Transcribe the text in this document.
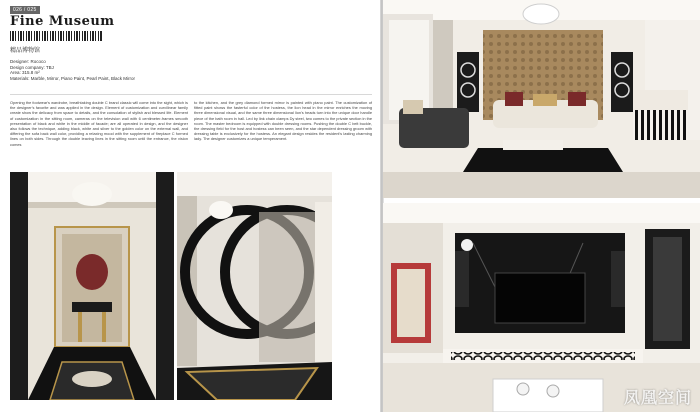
026 / 025
Fine Museum
精品博物馆
Designer: Rococo
Design company: TBJ
Area: 315.8 m²
Materials: Marble, Mirror, Piano Paint, Pearl Paint, Black Mirror
Opening the footwear's wardrobe, breathtaking double C brand classic will come into the sight, which is the designer's favorite and was applied in the design. Element of customization and curvilinear family create show the delicacy from space to details, and the consolation of stylish and blessed life. Element of customization in the sitting room, cameras on the television wall with 6 centimeter-frames smooth presentation of black and white in the middle of facade; are all operated in design, and the designer also follows the technique, adding black, white and silver to the golden color on the external wall, and differing the sofa back wall color, providing a relaxing mood with the supplement of fireplace C formed lines on both sides. Through the double leaving lines in the sitting room until the entrance, the vision comes
to the kitchen, and the grey diamond formed mirror is painted with piano paint. The customization of fitted paint shows the fasterful color of the hostess, the lion head in the mirror enriches the moving three dimensional visual, and the same three dimensional lion's heads turn into the unique door handle piece of the bath room in hall. Led by link chain clamps Dy steel, two comes to the private section in the room. The master bedroom is equipped with double dressing rooms. Pushing the double C belt buckle, the dressing field for the host and hostess can been seen, and the star dependent dressing groom with dressing table is exclusively for the hostess. An elegant design resides the resident's lasting charming lady. The designer customizes a unique temperament.
凤凰空间
